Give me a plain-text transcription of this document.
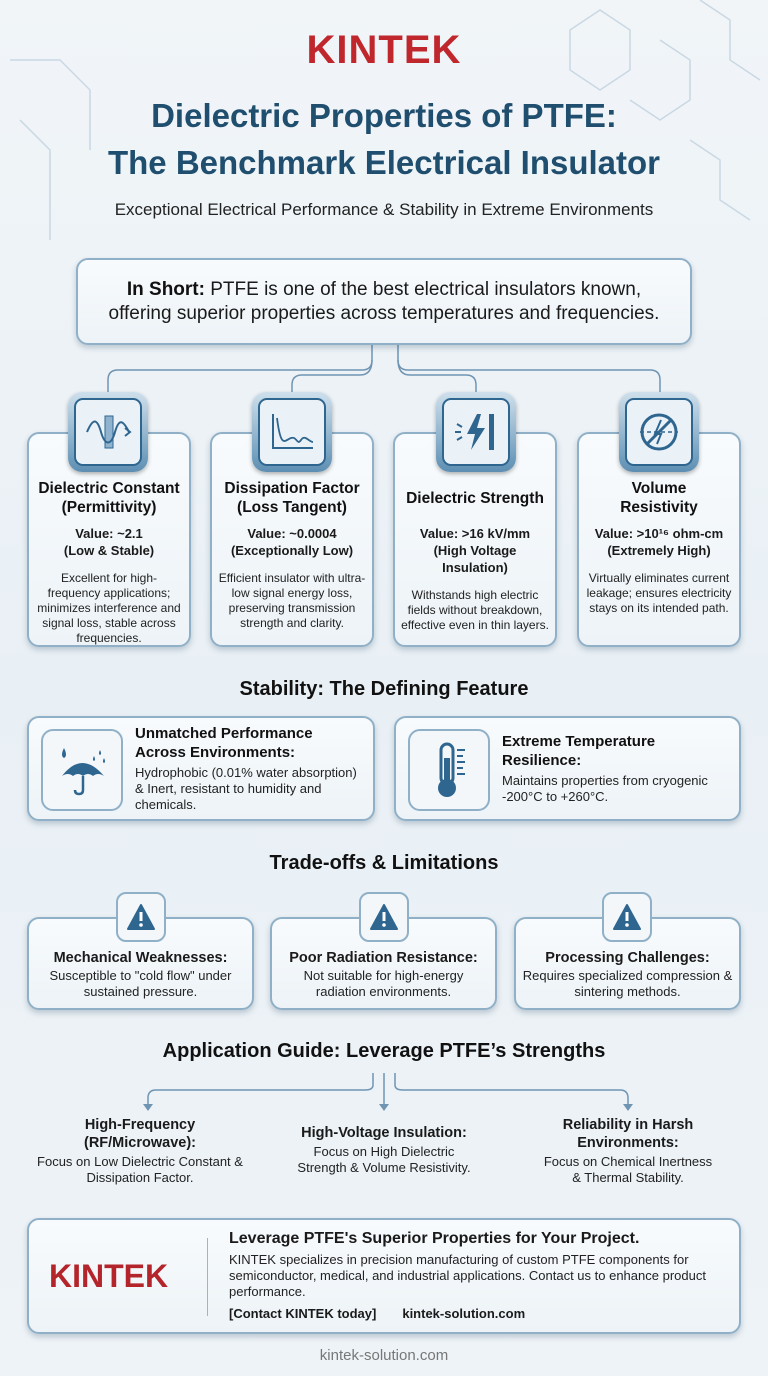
KINTEK
Dielectric Properties of PTFE:
The Benchmark Electrical Insulator
Exceptional Electrical Performance & Stability in Extreme Environments
In Short: PTFE is one of the best electrical insulators known, offering superior properties across temperatures and frequencies.
Dielectric Constant
(Permittivity)
Value: ~2.1
(Low & Stable)
Excellent for high-frequency applications; minimizes interference and signal loss, stable across frequencies.
Dissipation Factor
(Loss Tangent)
Value: ~0.0004
(Exceptionally Low)
Efficient insulator with ultra-low signal energy loss, preserving transmission strength and clarity.
Dielectric Strength
Value: >16 kV/mm
(High Voltage Insulation)
Withstands high electric fields without breakdown, effective even in thin layers.
Volume
Resistivity
Value: >10¹⁶ ohm-cm
(Extremely High)
Virtually eliminates current leakage; ensures electricity stays on its intended path.
Stability: The Defining Feature
Unmatched Performance Across Environments:

Hydrophobic (0.01% water absorption) & Inert, resistant to humidity and chemicals.

Extreme Temperature Resilience:

Maintains properties from cryogenic -200°C to +260°C.

Trade-offs & Limitations
Mechanical Weaknesses:

Susceptible to "cold flow" under sustained pressure.

Poor Radiation Resistance:

Not suitable for high-energy radiation environments.

Processing Challenges:

Requires specialized compression & sintering methods.

Application Guide: Leverage PTFE’s Strengths
High-Frequency (RF/Microwave):

Focus on Low Dielectric Constant & Dissipation Factor.

High-Voltage Insulation:

Focus on High Dielectric Strength & Volume Resistivity.

Reliability in Harsh Environments:

Focus on Chemical Inertness & Thermal Stability.

KINTEK
Leverage PTFE's Superior Properties for Your Project.

KINTEK specializes in precision manufacturing of custom PTFE components for semiconductor, medical, and industrial applications. Contact us to enhance product performance.

[Contact KINTEK today] kintek-solution.com
kintek-solution.com
